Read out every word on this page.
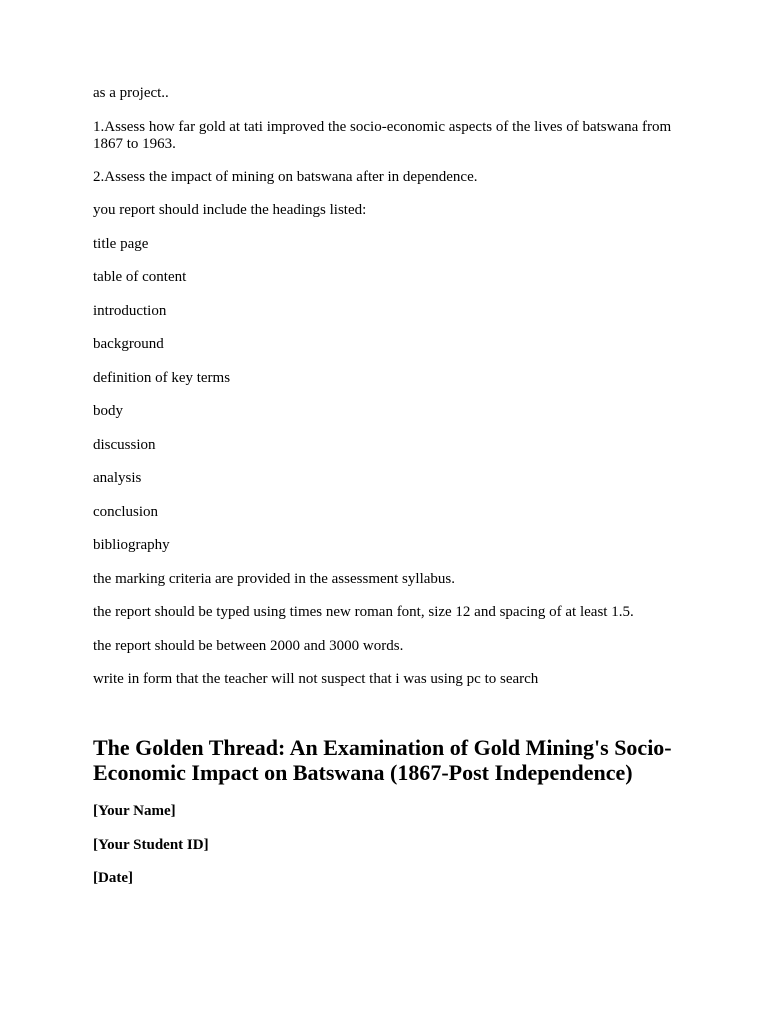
as a project..

1.Assess how far gold at tati improved the socio-economic aspects of the lives of batswana from 1867 to 1963.

2.Assess the impact of mining on batswana after in dependence.

you report should include the headings listed:

title page

table of content

introduction

background

definition of key terms

body

discussion

analysis

conclusion

bibliography

the marking criteria are provided in the assessment syllabus.

the report should be typed using times new roman font, size 12 and spacing of at least 1.5.

the report should be between 2000 and 3000 words.

write in form that the teacher will not suspect that i was using pc to search

The Golden Thread: An Examination of Gold Mining's Socio-Economic Impact on Batswana (1867-Post Independence)

[Your Name]

[Your Student ID]

[Date]
